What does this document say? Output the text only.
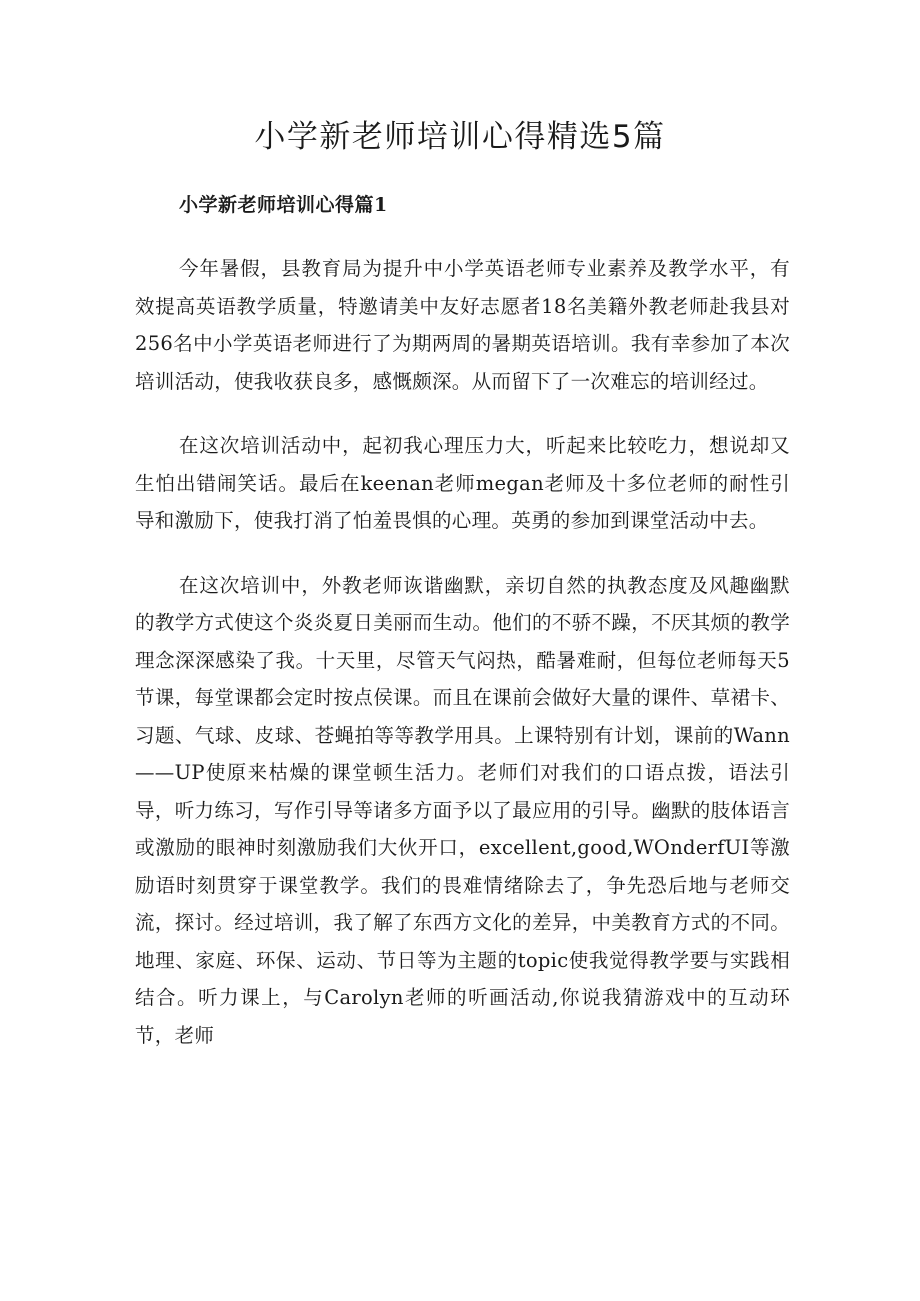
小学新老师培训心得精选5篇
小学新老师培训心得篇1

今年暑假，县教育局为提升中小学英语老师专业素养及教学水平，有效提高英语教学质量，特邀请美中友好志愿者18名美籍外教老师赴我县对256名中小学英语老师进行了为期两周的暑期英语培训。我有幸参加了本次培训活动，使我收获良多，感慨颇深。从而留下了一次难忘的培训经过。

在这次培训活动中，起初我心理压力大，听起来比较吃力，想说却又生怕出错闹笑话。最后在keenan老师megan老师及十多位老师的耐性引导和激励下，使我打消了怕羞畏惧的心理。英勇的参加到课堂活动中去。

在这次培训中，外教老师诙谐幽默，亲切自然的执教态度及风趣幽默的教学方式使这个炎炎夏日美丽而生动。他们的不骄不躁，不厌其烦的教学理念深深感染了我。十天里，尽管天气闷热，酷暑难耐，但每位老师每天5节课，每堂课都会定时按点侯课。而且在课前会做好大量的课件、草裙卡、习题、气球、皮球、苍蝇拍等等教学用具。上课特别有计划，课前的Wann——UP使原来枯燥的课堂顿生活力。老师们对我们的口语点拨，语法引导，听力练习，写作引导等诸多方面予以了最应用的引导。幽默的肢体语言或激励的眼神时刻激励我们大伙开口，excellent,good,WOnderfUI等激励语时刻贯穿于课堂教学。我们的畏难情绪除去了，争先恐后地与老师交流，探讨。经过培训，我了解了东西方文化的差异，中美教育方式的不同。地理、家庭、环保、运动、节日等为主题的topic使我觉得教学要与实践相结合。听力课上，与Carolyn老师的听画活动,你说我猜游戏中的互动环节，老师
